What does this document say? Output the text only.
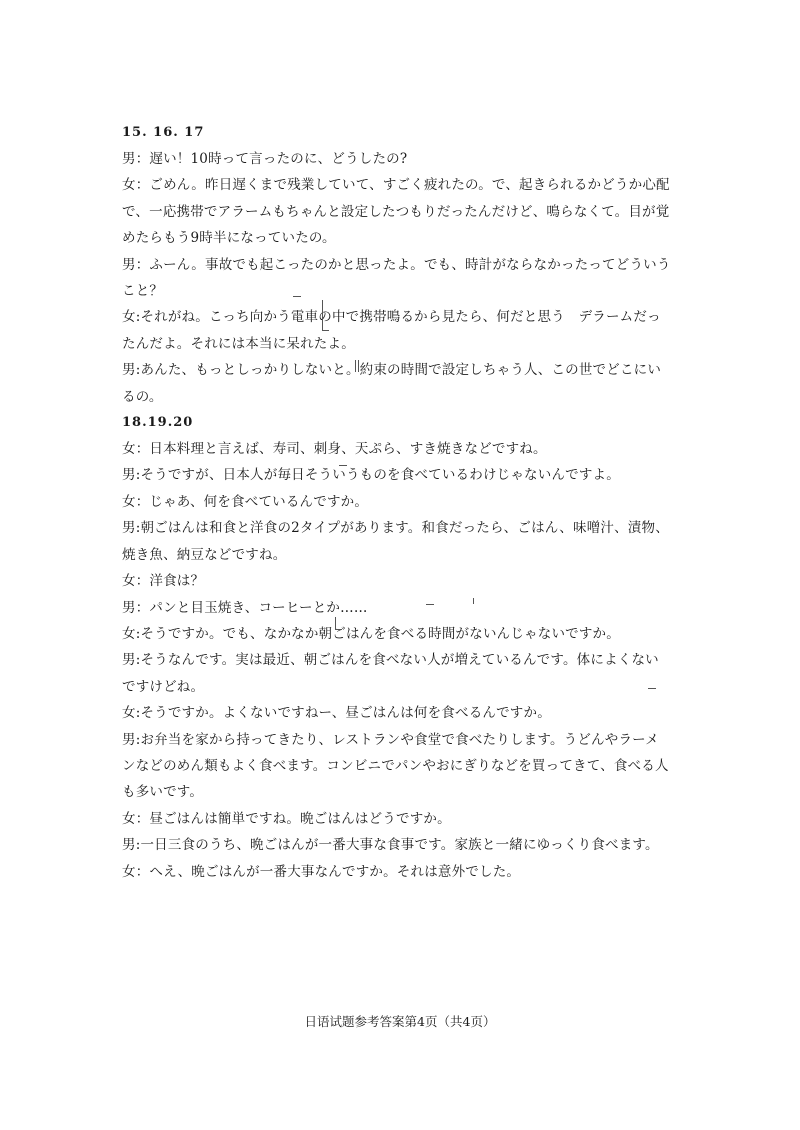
15. 16. 17
男：遅い！10時って言ったのに、どうしたの?
女：ごめん。昨日遅くまで残業していて、すごく疲れたの。で、起きられるかどうか心配
で、一応携帯でアラームもちゃんと設定したつもりだったんだけど、鳴らなくて。目が覚
めたらもう9時半になっていたの。
男：ふーん。事故でも起こったのかと思ったよ。でも、時計がならなかったってどういう
こと？
女:それがね。こっち向かう電車の中で携帯鳴るから見たら、何だと思う　デラームだっ
たんだよ。それには本当に呆れたよ。
男:あんた、もっとしっかりしないと。約束の時間で設定しちゃう人、この世でどこにい
るの。
18.19.20
女：日本料理と言えば、寿司、刺身、天ぷら、すき焼きなどですね。
男:そうですが、日本人が毎日そういうものを食べているわけじゃないんですよ。
女：じゃあ、何を食べているんですか。
男:朝ごはんは和食と洋食の2タイプがあります。和食だったら、ごはん、味噌汁、漬物、
焼き魚、納豆などですね。
女：洋食は？
男：パンと目玉焼き、コーヒーとか……
女:そうですか。でも、なかなか朝ごはんを食べる時間がないんじゃないですか。
男:そうなんです。実は最近、朝ごはんを食べない人が増えているんです。体によくない
ですけどね。
女:そうですか。よくないですねー、昼ごはんは何を食べるんですか。
男:お弁当を家から持ってきたり、レストランや食堂で食べたりします。うどんやラーメ
ンなどのめん類もよく食べます。コンビニでパンやおにぎりなどを買ってきて、食べる人
も多いです。
女：昼ごはんは簡単ですね。晩ごはんはどうですか。
男:一日三食のうち、晩ごはんが一番大事な食事です。家族と一緒にゆっくり食べます。
女：へえ、晩ごはんが一番大事なんですか。それは意外でした。
日语试题参考答案第4页（共4页）
